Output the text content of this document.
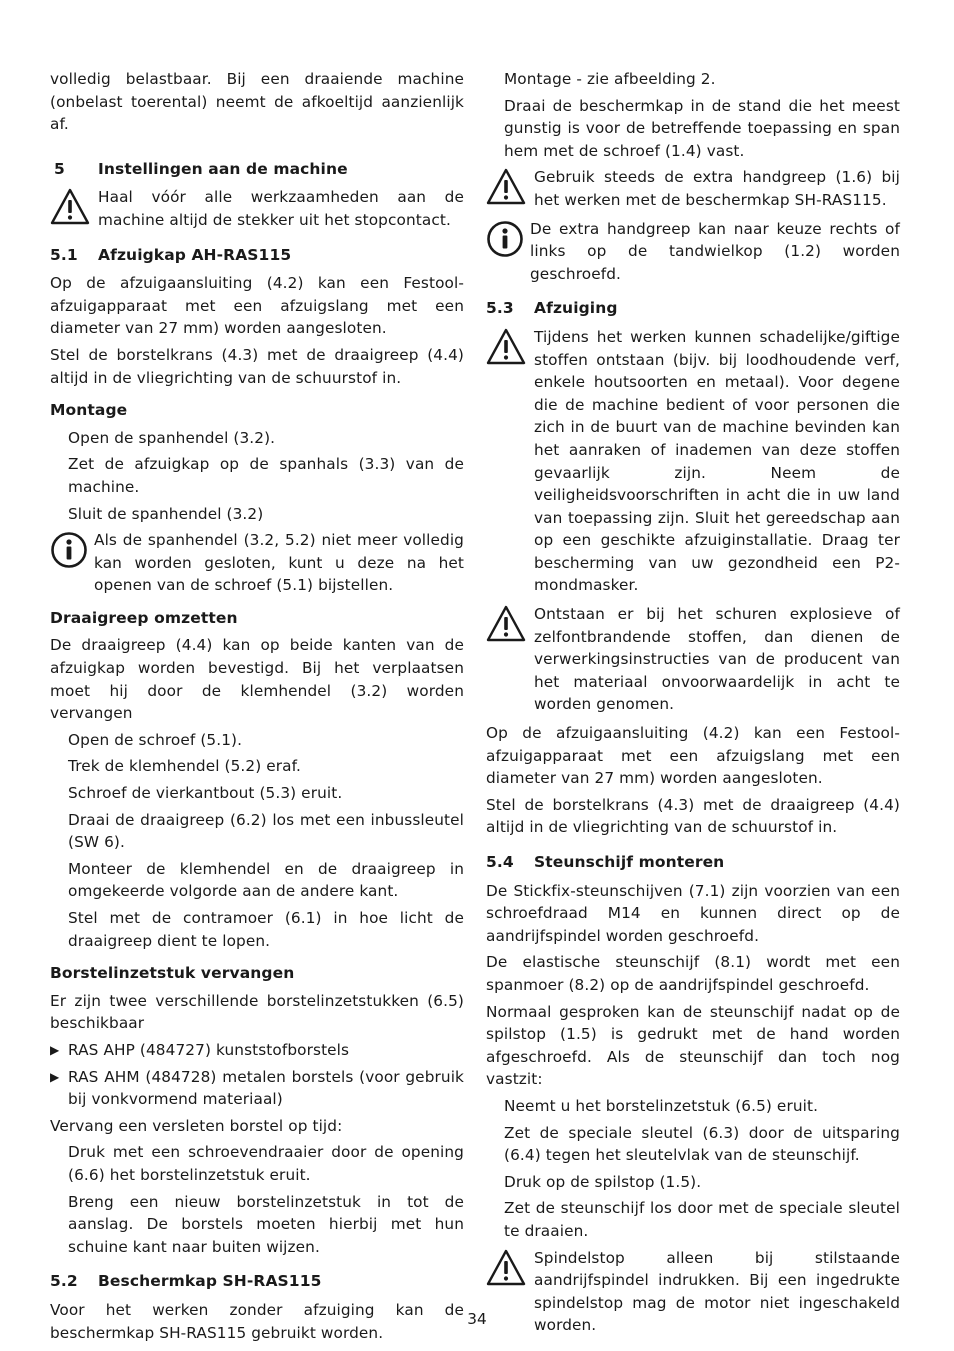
volledig belastbaar. Bij een draaiende machine (onbelast toerental) neemt de afkoeltijd aanzienlijk af.

5 Instellingen aan de machine

Haal vóór alle werkzaamheden aan de machine altijd de stekker uit het stopcontact.

5.1 Afzuigkap AH-RAS115

Op de afzuigaansluiting (4.2) kan een Festool-afzuigapparaat met een afzuigslang met een diameter van 27 mm) worden aangesloten.

Stel de borstelkrans (4.3) met de draaigreep (4.4) altijd in de vliegrichting van de schuurstof in.

Montage

Open de spanhendel (3.2).

Zet de afzuigkap op de spanhals (3.3) van de machine.

Sluit de spanhendel (3.2)

Als de spanhendel (3.2, 5.2) niet meer volledig kan worden gesloten, kunt u deze na het openen van de schroef (5.1) bijstellen.

Draaigreep omzetten

De draaigreep (4.4) kan op beide kanten van de afzuigkap worden bevestigd. Bij het verplaatsen moet hij door de klemhendel (3.2) worden vervangen

Open de schroef (5.1).

Trek de klemhendel (5.2) eraf.

Schroef de vierkantbout (5.3) eruit.

Draai de draaigreep (6.2) los met een inbussleutel (SW 6).

Monteer de klemhendel en de draaigreep in omgekeerde volgorde aan de andere kant.

Stel met de contramoer (6.1) in hoe licht de draaigreep dient te lopen.

Borstelinzetstuk vervangen

Er zijn twee verschillende borstelinzetstukken (6.5) beschikbaar

▶ RAS AHP (484727) kunststofborstels

▶ RAS AHM (484728) metalen borstels (voor gebruik bij vonkvormend materiaal)

Vervang een versleten borstel op tijd:

Druk met een schroevendraaier door de opening (6.6) het borstelinzetstuk eruit.

Breng een nieuw borstelinzetstuk in tot de aanslag. De borstels moeten hierbij met hun schuine kant naar buiten wijzen.

5.2 Beschermkap SH-RAS115

Voor het werken zonder afzuiging kan de beschermkap SH-RAS115 gebruikt worden.

Montage - zie afbeelding 2.

Draai de beschermkap in de stand die het meest gunstig is voor de betreffende toepassing en span hem met de schroef (1.4) vast.

Gebruik steeds de extra handgreep (1.6) bij het werken met de beschermkap SH-RAS115.

De extra handgreep kan naar keuze rechts of links op de tandwielkop (1.2) worden geschroefd.

5.3 Afzuiging

Tijdens het werken kunnen schadelijke/giftige stoffen ontstaan (bijv. bij loodhoudende verf, enkele houtsoorten en metaal). Voor degene die de machine bedient of voor personen die zich in de buurt van de machine bevinden kan het aanraken of inademen van deze stoffen gevaarlijk zijn. Neem de veiligheidsvoorschriften in acht die in uw land van toepassing zijn. Sluit het gereedschap aan op een geschikte afzuiginstallatie. Draag ter bescherming van uw gezondheid een P2-mondmasker.

Ontstaan er bij het schuren explosieve of zelfontbrandende stoffen, dan dienen de verwerkingsinstructies van de producent van het materiaal onvoorwaardelijk in acht te worden genomen.

Op de afzuigaansluiting (4.2) kan een Festool-afzuigapparaat met een afzuigslang met een diameter van 27 mm) worden aangesloten.

Stel de borstelkrans (4.3) met de draaigreep (4.4) altijd in de vliegrichting van de schuurstof in.

5.4 Steunschijf monteren

De Stickfix-steunschijven (7.1) zijn voorzien van een schroefdraad M14 en kunnen direct op de aandrijfspindel worden geschroefd.

De elastische steunschijf (8.1) wordt met een spanmoer (8.2) op de aandrijfspindel geschroefd.

Normaal gesproken kan de steunschijf nadat op de spilstop (1.5) is gedrukt met de hand worden afgeschroefd. Als de steunschijf dan toch nog vastzit:

Neemt u het borstelinzetstuk (6.5) eruit.

Zet de speciale sleutel (6.3) door de uitsparing (6.4) tegen het sleutelvlak van de steunschijf.

Druk op de spilstop (1.5).

Zet de steunschijf los door met de speciale sleutel te draaien.

Spindelstop alleen bij stilstaande aandrijfspindel indrukken. Bij een ingedrukte spindelstop mag de motor niet ingeschakeld worden.

34
